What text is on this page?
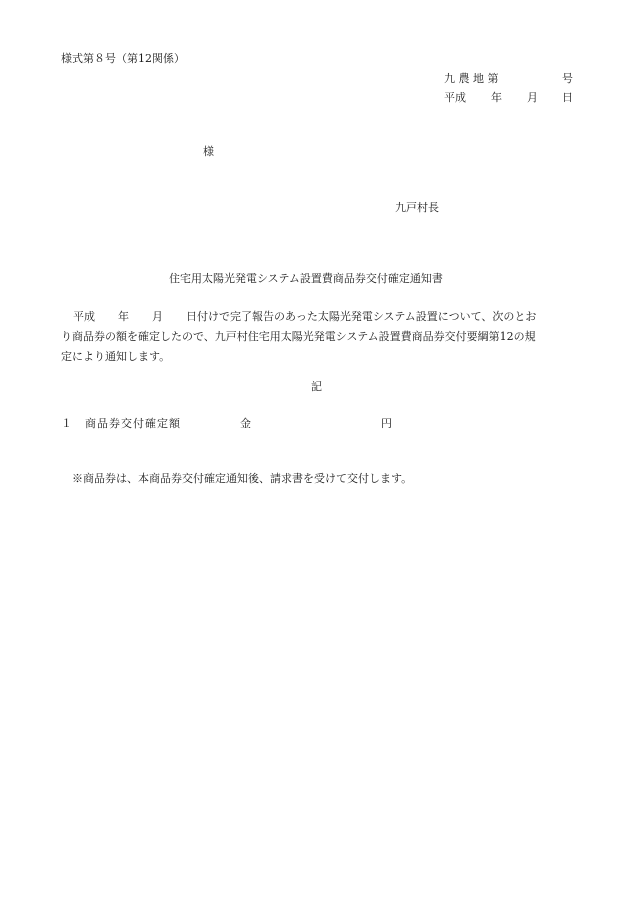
様式第８号（第12関係）
九 農 地 第	号
平成 年 月 日
様
九戸村長
住宅用太陽光発電システム設置費商品券交付確定通知書
平成 年 月 日付けで完了報告のあった太陽光発電システム設置について、次のとお
り商品券の額を確定したので、九戸村住宅用太陽光発電システム設置費商品券交付要綱第12の規
定により通知します。
記
１ 商品券交付確定額	金	円
※商品券は、本商品券交付確定通知後、請求書を受けて交付します。
